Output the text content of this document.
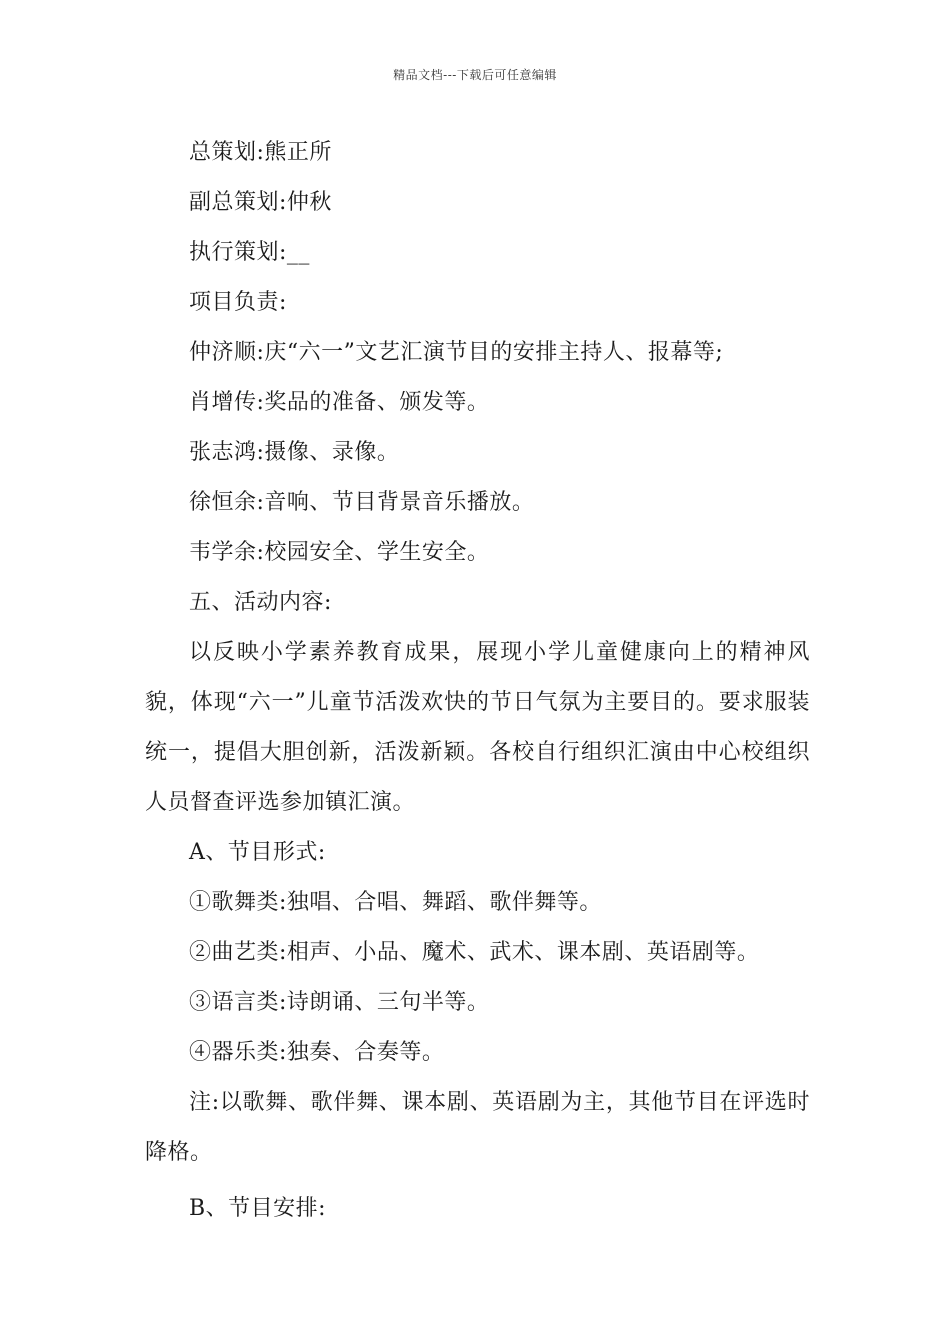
精品文档---下载后可任意编辑
总策划:熊正所
副总策划:仲秋
执行策划:__
项目负责:
仲济顺:庆“六一”文艺汇演节目的安排主持人、报幕等;
肖增传:奖品的准备、颁发等。
张志鸿:摄像、录像。
徐恒余:音响、节目背景音乐播放。
韦学余:校园安全、学生安全。
五、活动内容:

以反映小学素养教育成果，展现小学儿童健康向上的精神风貌，体现“六一”儿童节活泼欢快的节日气氛为主要目的。要求服装统一，提倡大胆创新，活泼新颖。各校自行组织汇演由中心校组织人员督查评选参加镇汇演。

A、节目形式:
①歌舞类:独唱、合唱、舞蹈、歌伴舞等。
②曲艺类:相声、小品、魔术、武术、课本剧、英语剧等。
③语言类:诗朗诵、三句半等。
④器乐类:独奏、合奏等。

注:以歌舞、歌伴舞、课本剧、英语剧为主，其他节目在评选时降格。

B、节目安排:
